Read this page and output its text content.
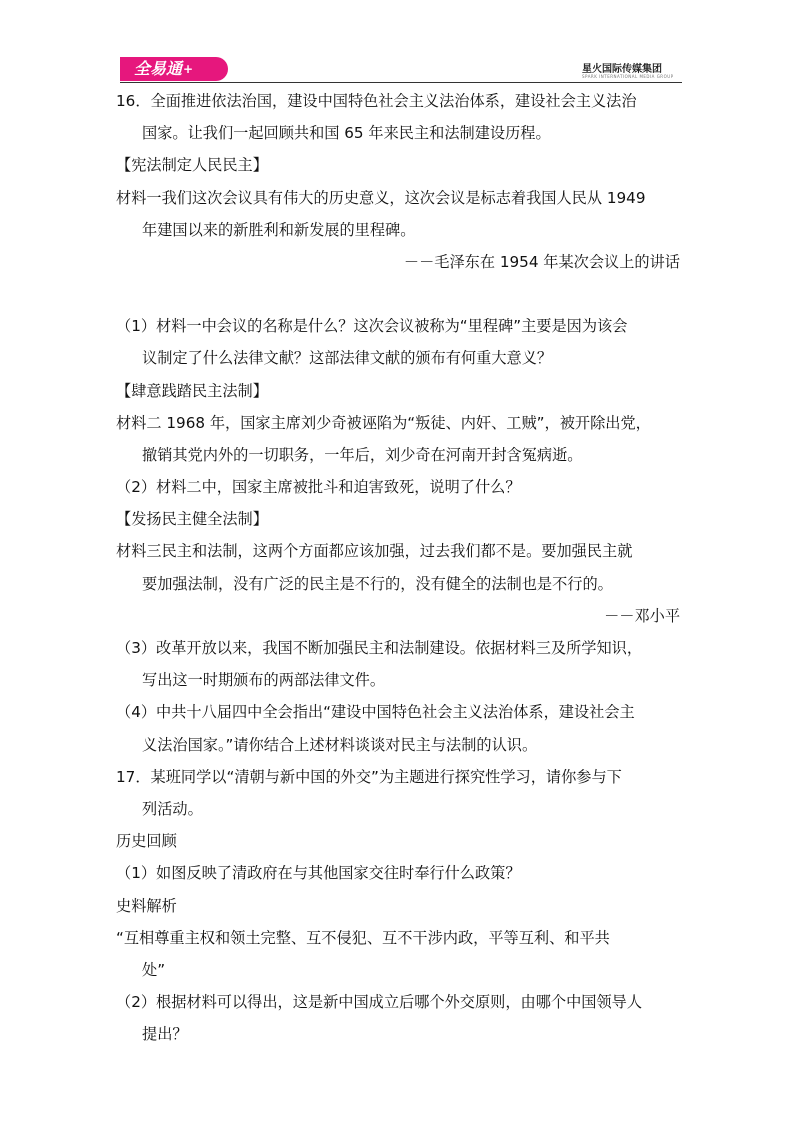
全易通+	星火国际传媒集团
SPARK INTERNATIONAL MEDIA GROUP
16．全面推进依法治国，建设中国特色社会主义法治体系，建设社会主义法治
国家。让我们一起回顾共和国 65 年来民主和法制建设历程。
【宪法制定人民民主】
材料一我们这次会议具有伟大的历史意义，这次会议是标志着我国人民从 1949
年建国以来的新胜利和新发展的里程碑。
－－毛泽东在 1954 年某次会议上的讲话
（1）材料一中会议的名称是什么？这次会议被称为“里程碑”主要是因为该会
议制定了什么法律文献？这部法律文献的颁布有何重大意义？
【肆意践踏民主法制】
材料二 1968 年，国家主席刘少奇被诬陷为“叛徒、内奸、工贼”，被开除出党，
撤销其党内外的一切职务，一年后，刘少奇在河南开封含冤病逝。
（2）材料二中，国家主席被批斗和迫害致死，说明了什么？
【发扬民主健全法制】
材料三民主和法制，这两个方面都应该加强，过去我们都不是。要加强民主就
要加强法制，没有广泛的民主是不行的，没有健全的法制也是不行的。
－－邓小平
（3）改革开放以来，我国不断加强民主和法制建设。依据材料三及所学知识，
写出这一时期颁布的两部法律文件。
（4）中共十八届四中全会指出“建设中国特色社会主义法治体系，建设社会主
义法治国家。”请你结合上述材料谈谈对民主与法制的认识。
17．某班同学以“清朝与新中国的外交”为主题进行探究性学习，请你参与下
列活动。
历史回顾
（1）如图反映了清政府在与其他国家交往时奉行什么政策？
史料解析
“互相尊重主权和领土完整、互不侵犯、互不干涉内政，平等互利、和平共
处”
（2）根据材料可以得出，这是新中国成立后哪个外交原则，由哪个中国领导人
提出？
